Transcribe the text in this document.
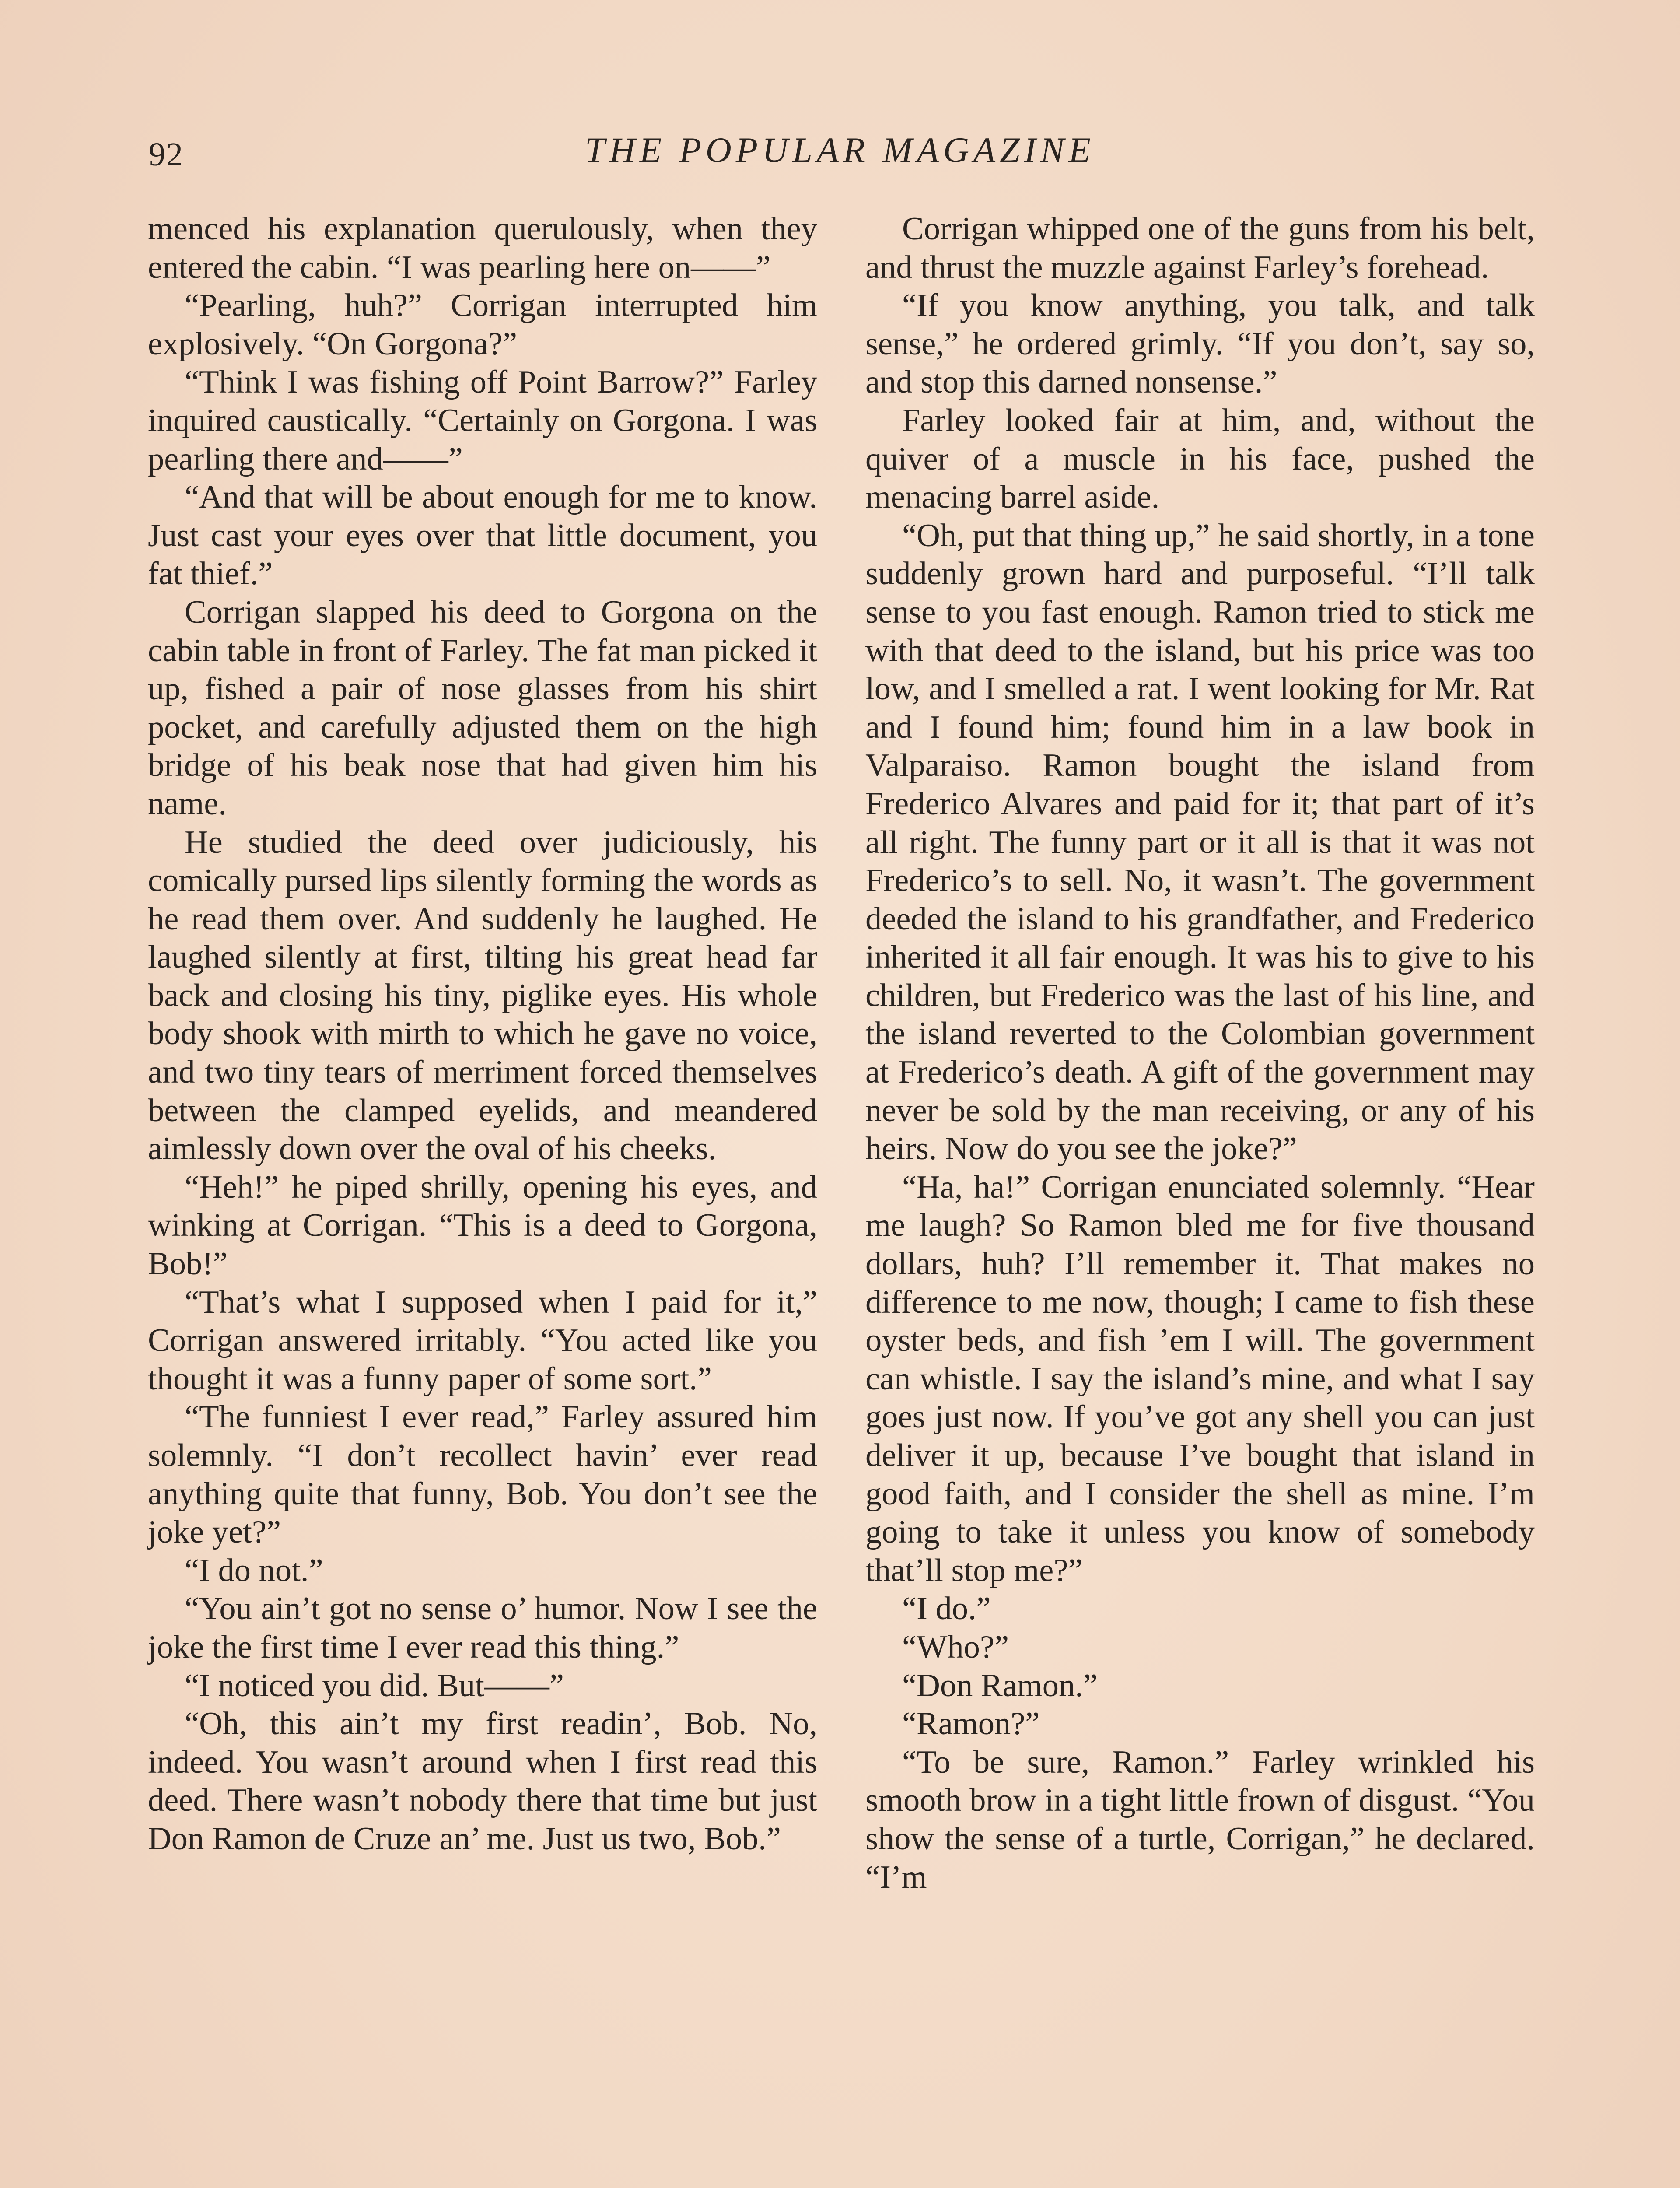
92	THE POPULAR MAGAZINE

menced his explanation querulously, when they entered the cabin. “I was pearling here on——”

“Pearling, huh?” Corrigan interrupted him explosively. “On Gorgona?”

“Think I was fishing off Point Barrow?” Farley inquired caustically. “Certainly on Gorgona. I was pearling there and——”

“And that will be about enough for me to know. Just cast your eyes over that little document, you fat thief.”

Corrigan slapped his deed to Gorgona on the cabin table in front of Farley. The fat man picked it up, fished a pair of nose glasses from his shirt pocket, and carefully adjusted them on the high bridge of his beak nose that had given him his name.

He studied the deed over judiciously, his comically pursed lips silently forming the words as he read them over. And suddenly he laughed. He laughed silently at first, tilting his great head far back and closing his tiny, piglike eyes. His whole body shook with mirth to which he gave no voice, and two tiny tears of merriment forced themselves between the clamped eyelids, and meandered aimlessly down over the oval of his cheeks.

“Heh!” he piped shrilly, opening his eyes, and winking at Corrigan. “This is a deed to Gorgona, Bob!”

“That’s what I supposed when I paid for it,” Corrigan answered irritably. “You acted like you thought it was a funny paper of some sort.”

“The funniest I ever read,” Farley assured him solemnly. “I don’t recollect havin’ ever read anything quite that funny, Bob. You don’t see the joke yet?”

“I do not.”

“You ain’t got no sense o’ humor. Now I see the joke the first time I ever read this thing.”

“I noticed you did. But——”

“Oh, this ain’t my first readin’, Bob. No, indeed. You wasn’t around when I first read this deed. There wasn’t nobody there that time but just Don Ramon de Cruze an’ me. Just us two, Bob.”

Corrigan whipped one of the guns from his belt, and thrust the muzzle against Farley’s forehead.

“If you know anything, you talk, and talk sense,” he ordered grimly. “If you don’t, say so, and stop this darned nonsense.”

Farley looked fair at him, and, without the quiver of a muscle in his face, pushed the menacing barrel aside.

“Oh, put that thing up,” he said shortly, in a tone suddenly grown hard and purposeful. “I’ll talk sense to you fast enough. Ramon tried to stick me with that deed to the island, but his price was too low, and I smelled a rat. I went looking for Mr. Rat and I found him; found him in a law book in Valparaiso. Ramon bought the island from Frederico Alvares and paid for it; that part of it’s all right. The funny part or it all is that it was not Frederico’s to sell. No, it wasn’t. The government deeded the island to his grandfather, and Frederico inherited it all fair enough. It was his to give to his children, but Frederico was the last of his line, and the island reverted to the Colombian government at Frederico’s death. A gift of the government may never be sold by the man receiving, or any of his heirs. Now do you see the joke?”

“Ha, ha!” Corrigan enunciated solemnly. “Hear me laugh? So Ramon bled me for five thousand dollars, huh? I’ll remember it. That makes no difference to me now, though; I came to fish these oyster beds, and fish ’em I will. The government can whistle. I say the island’s mine, and what I say goes just now. If you’ve got any shell you can just deliver it up, because I’ve bought that island in good faith, and I consider the shell as mine. I’m going to take it unless you know of somebody that’ll stop me?”

“I do.”

“Who?”

“Don Ramon.”

“Ramon?”

“To be sure, Ramon.” Farley wrinkled his smooth brow in a tight little frown of disgust. “You show the sense of a turtle, Corrigan,” he declared. “I’m
